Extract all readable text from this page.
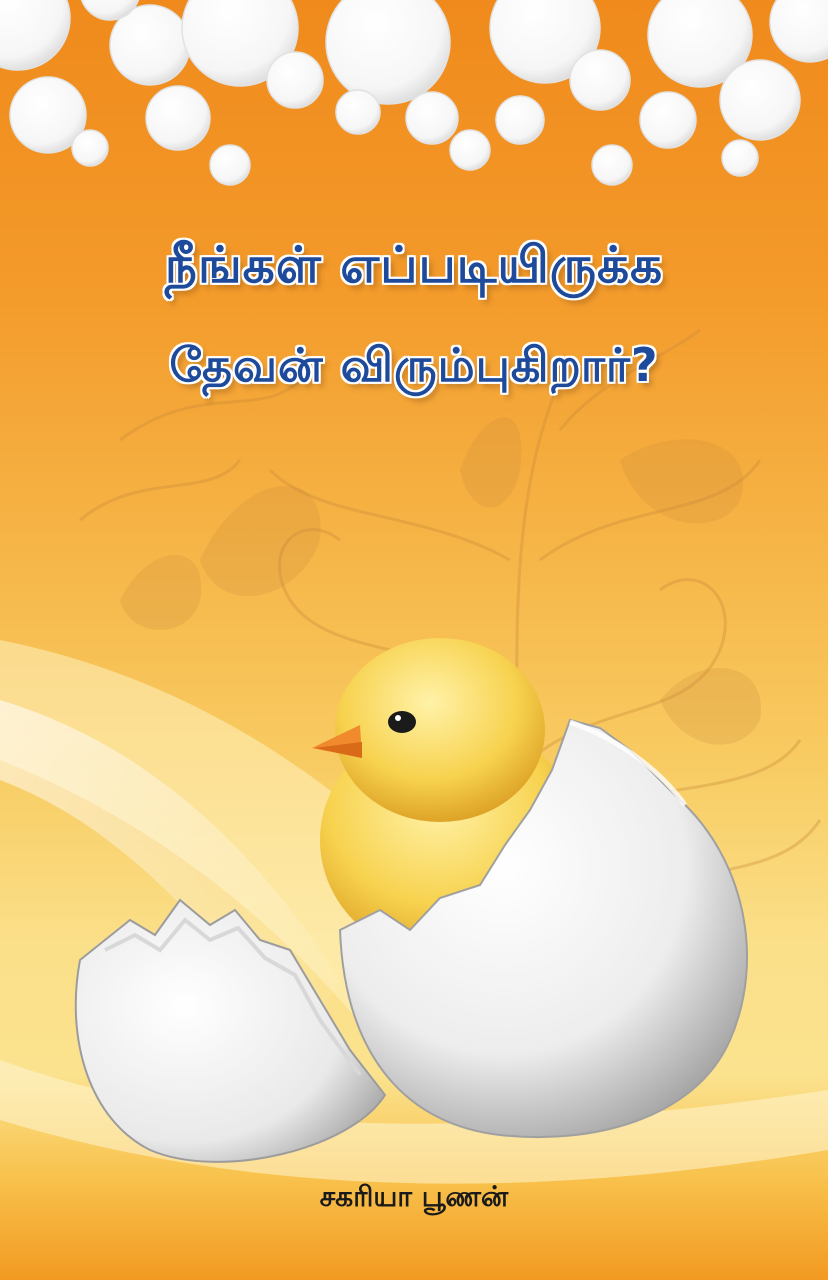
நீங்கள் எப்படியிருக்க
தேவன் விரும்புகிறார்?
சகரியா பூணன்
